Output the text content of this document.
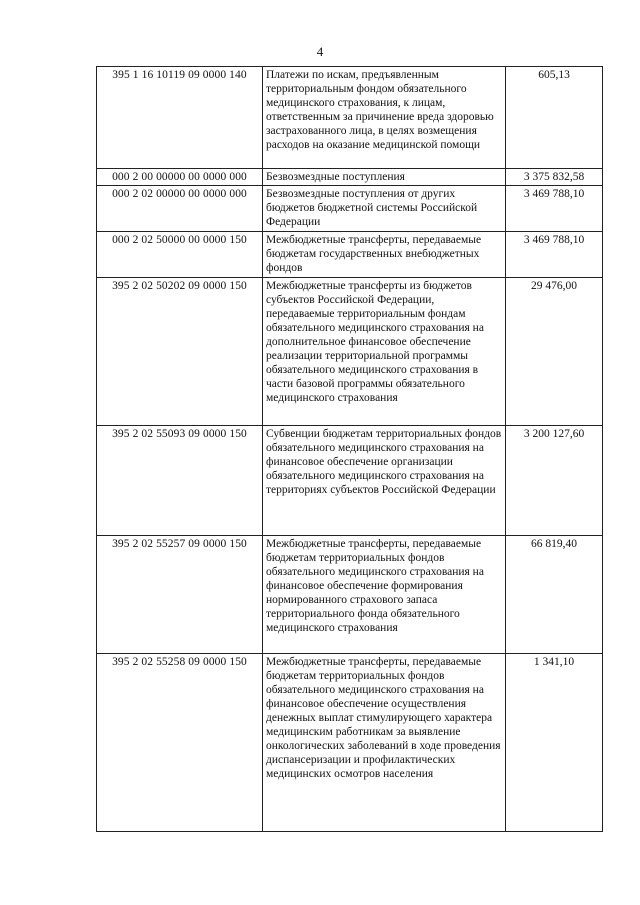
4
395 1 16 10119 09 0000 140	Платежи по искам, предъявленным территориальным фондом обязательного медицинского страхования, к лицам, ответственным за причинение вреда здоровью застрахованного лица, в целях возмещения расходов на оказание медицинской помощи	605,13
000 2 00 00000 00 0000 000	Безвозмездные поступления	3 375 832,58
000 2 02 00000 00 0000 000	Безвозмездные поступления от других бюджетов бюджетной системы Российской Федерации	3 469 788,10
000 2 02 50000 00 0000 150	Межбюджетные трансферты, передаваемые бюджетам государственных внебюджетных фондов	3 469 788,10
395 2 02 50202 09 0000 150	Межбюджетные трансферты из бюджетов субъектов Российской Федерации, передаваемые территориальным фондам обязательного медицинского страхования на дополнительное финансовое обеспечение реализации территориальной программы обязательного медицинского страхования в части базовой программы обязательного медицинского страхования	29 476,00
395 2 02 55093 09 0000 150	Субвенции бюджетам территориальных фондов обязательного медицинского страхования на финансовое обеспечение организации обязательного медицинского страхования на территориях субъектов Российской Федерации	3 200 127,60
395 2 02 55257 09 0000 150	Межбюджетные трансферты, передаваемые бюджетам территориальных фондов обязательного медицинского страхования на финансовое обеспечение формирования нормированного страхового запаса территориального фонда обязательного медицинского страхования	66 819,40
395 2 02 55258 09 0000 150	Межбюджетные трансферты, передаваемые бюджетам территориальных фондов обязательного медицинского страхования на финансовое обеспечение осуществления денежных выплат стимулирующего характера медицинским работникам за выявление онкологических заболеваний в ходе проведения диспансеризации и профилактических медицинских осмотров населения	1 341,10
